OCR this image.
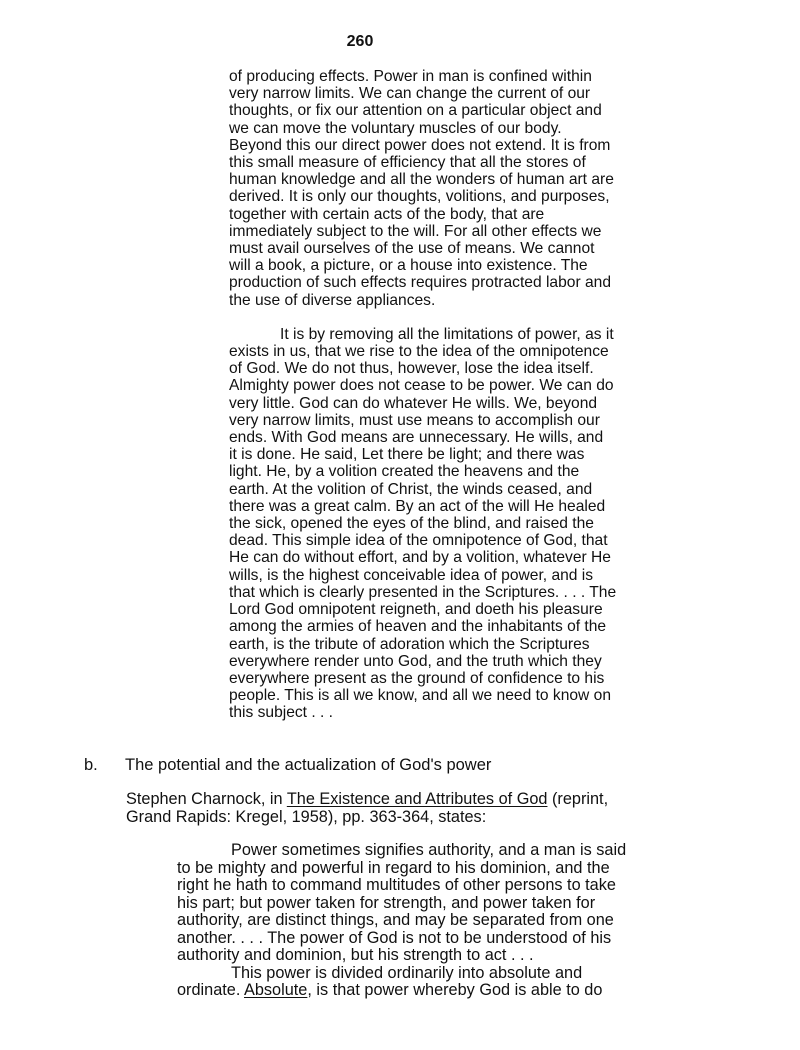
260
of producing effects. Power in man is confined within
very narrow limits. We can change the current of our
thoughts, or fix our attention on a particular object and
we can move the voluntary muscles of our body.
Beyond this our direct power does not extend. It is from
this small measure of efficiency that all the stores of
human knowledge and all the wonders of human art are
derived. It is only our thoughts, volitions, and purposes,
together with certain acts of the body, that are
immediately subject to the will. For all other effects we
must avail ourselves of the use of means. We cannot
will a book, a picture, or a house into existence. The
production of such effects requires protracted labor and
the use of diverse appliances.
It is by removing all the limitations of power, as it
exists in us, that we rise to the idea of the omnipotence
of God. We do not thus, however, lose the idea itself.
Almighty power does not cease to be power. We can do
very little. God can do whatever He wills. We, beyond
very narrow limits, must use means to accomplish our
ends. With God means are unnecessary. He wills, and
it is done. He said, Let there be light; and there was
light. He, by a volition created the heavens and the
earth. At the volition of Christ, the winds ceased, and
there was a great calm. By an act of the will He healed
the sick, opened the eyes of the blind, and raised the
dead. This simple idea of the omnipotence of God, that
He can do without effort, and by a volition, whatever He
wills, is the highest conceivable idea of power, and is
that which is clearly presented in the Scriptures. . . . The
Lord God omnipotent reigneth, and doeth his pleasure
among the armies of heaven and the inhabitants of the
earth, is the tribute of adoration which the Scriptures
everywhere render unto God, and the truth which they
everywhere present as the ground of confidence to his
people. This is all we know, and all we need to know on
this subject . . .
b.	The potential and the actualization of God's power
Stephen Charnock, in The Existence and Attributes of God (reprint,
Grand Rapids: Kregel, 1958), pp. 363-364, states:
Power sometimes signifies authority, and a man is said
to be mighty and powerful in regard to his dominion, and the
right he hath to command multitudes of other persons to take
his part; but power taken for strength, and power taken for
authority, are distinct things, and may be separated from one
another. . . . The power of God is not to be understood of his
authority and dominion, but his strength to act . . .
This power is divided ordinarily into absolute and
ordinate. Absolute, is that power whereby God is able to do
